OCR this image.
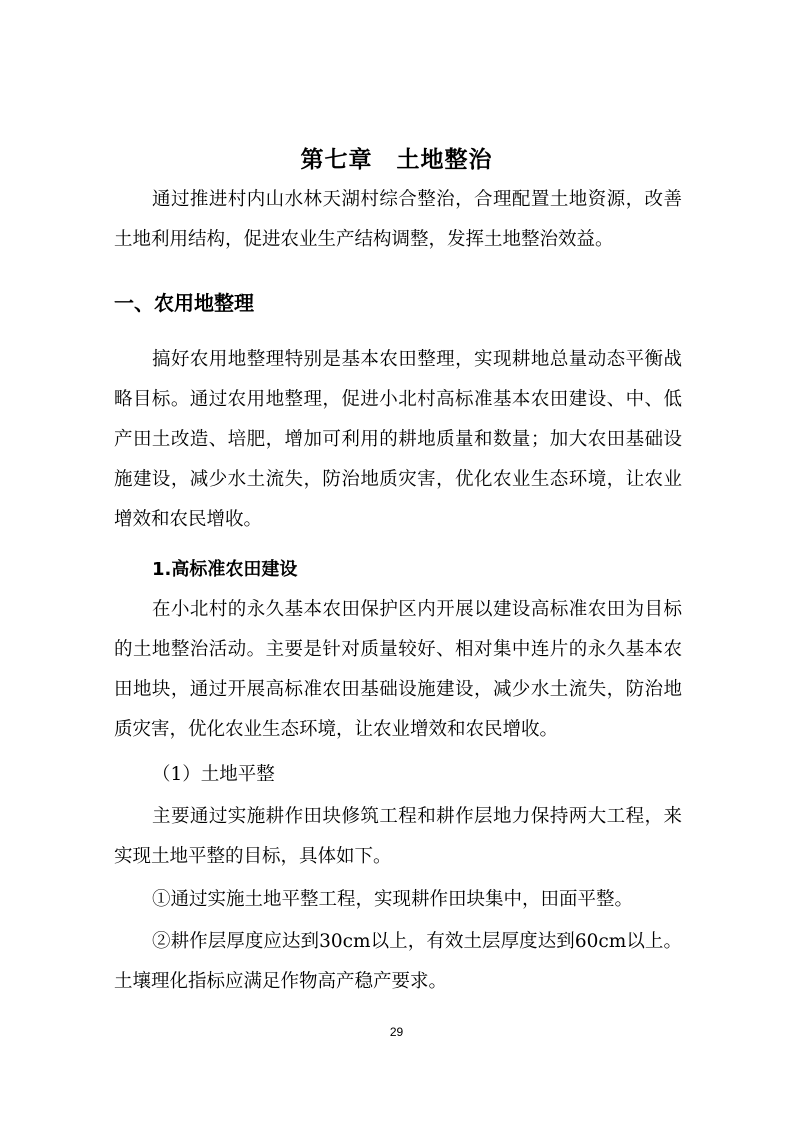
第七章　土地整治

通过推进村内山水林天湖村综合整治，合理配置土地资源，改善土地利用结构，促进农业生产结构调整，发挥土地整治效益。

一、农用地整理

搞好农用地整理特别是基本农田整理，实现耕地总量动态平衡战略目标。通过农用地整理，促进小北村高标准基本农田建设、中、低产田土改造、培肥，增加可利用的耕地质量和数量；加大农田基础设施建设，减少水土流失，防治地质灾害，优化农业生态环境，让农业增效和农民增收。

1.高标准农田建设

在小北村的永久基本农田保护区内开展以建设高标准农田为目标的土地整治活动。主要是针对质量较好、相对集中连片的永久基本农田地块，通过开展高标准农田基础设施建设，减少水土流失，防治地质灾害，优化农业生态环境，让农业增效和农民增收。

（1）土地平整

主要通过实施耕作田块修筑工程和耕作层地力保持两大工程，来实现土地平整的目标，具体如下。

①通过实施土地平整工程，实现耕作田块集中，田面平整。

②耕作层厚度应达到30cm以上，有效土层厚度达到60cm以上。土壤理化指标应满足作物高产稳产要求。

29
